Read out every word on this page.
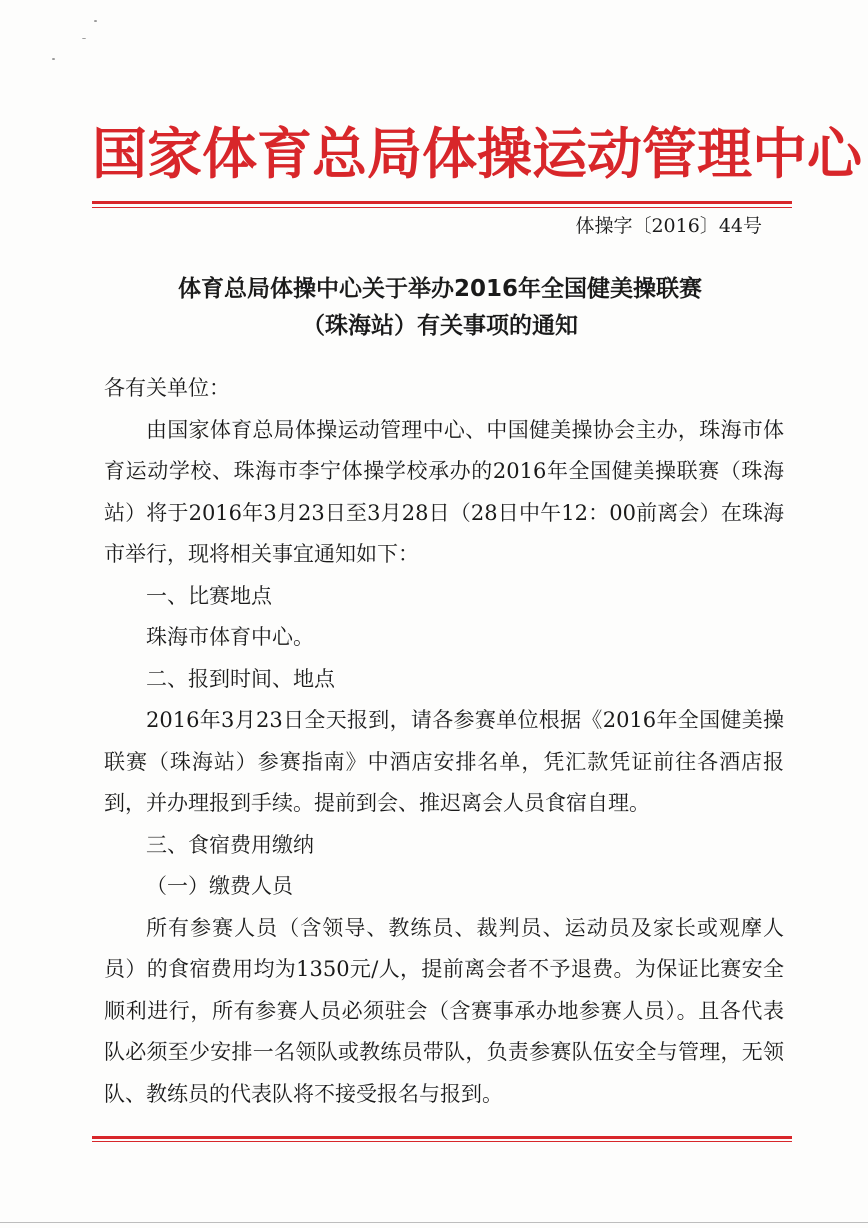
国家体育总局体操运动管理中心
体操字〔2016〕44号
体育总局体操中心关于举办2016年全国健美操联赛
（珠海站）有关事项的通知

各有关单位：

由国家体育总局体操运动管理中心、中国健美操协会主办，珠海市体育运动学校、珠海市李宁体操学校承办的2016年全国健美操联赛（珠海站）将于2016年3月23日至3月28日（28日中午12：00前离会）在珠海市举行，现将相关事宜通知如下：

一、比赛地点

珠海市体育中心。

二、报到时间、地点

2016年3月23日全天报到，请各参赛单位根据《2016年全国健美操联赛（珠海站）参赛指南》中酒店安排名单，凭汇款凭证前往各酒店报到，并办理报到手续。提前到会、推迟离会人员食宿自理。

三、食宿费用缴纳

（一）缴费人员

所有参赛人员（含领导、教练员、裁判员、运动员及家长或观摩人员）的食宿费用均为1350元/人，提前离会者不予退费。为保证比赛安全顺利进行，所有参赛人员必须驻会（含赛事承办地参赛人员）。且各代表队必须至少安排一名领队或教练员带队，负责参赛队伍安全与管理，无领队、教练员的代表队将不接受报名与报到。
